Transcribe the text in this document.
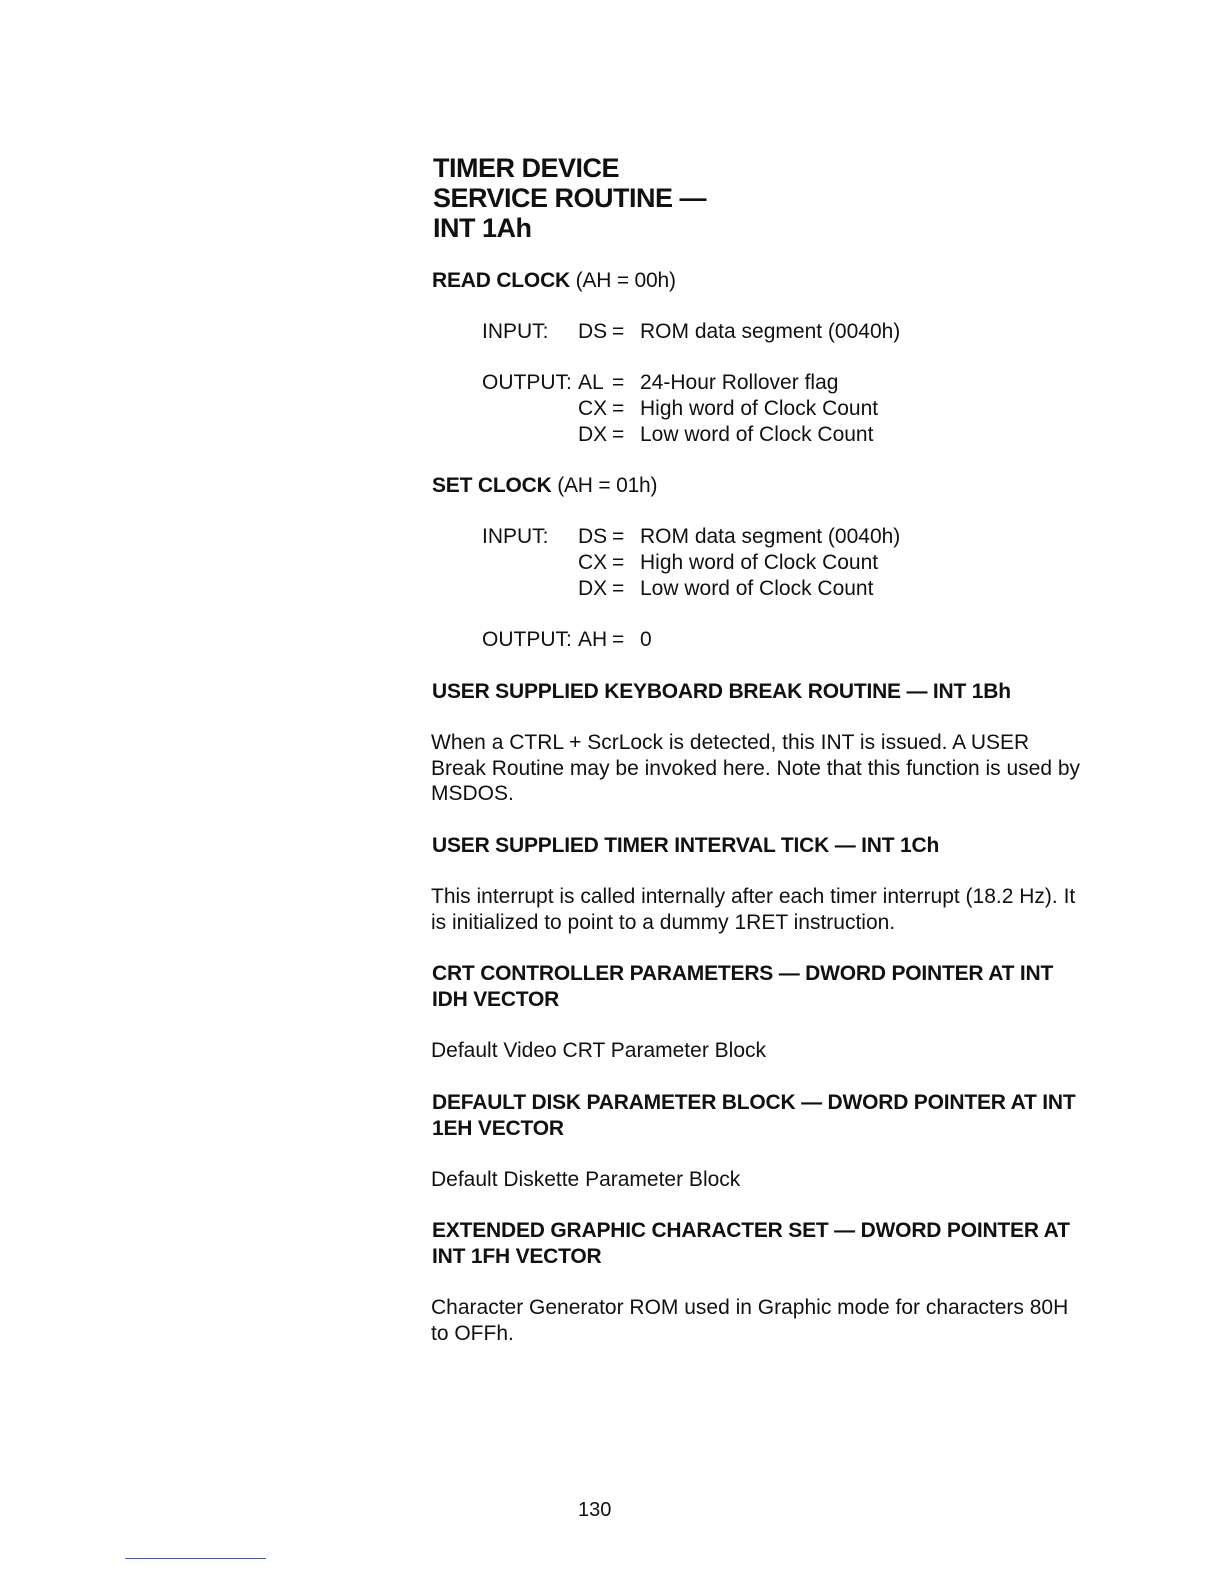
TIMER DEVICE
SERVICE ROUTINE —
INT 1Ah
READ CLOCK (AH = 00h)
INPUT: DS = ROM data segment (0040h)
OUTPUT: AL = 24-Hour Rollover flag
CX = High word of Clock Count
DX = Low word of Clock Count
SET CLOCK (AH = 01h)
INPUT: DS = ROM data segment (0040h)
CX = High word of Clock Count
DX = Low word of Clock Count
OUTPUT: AH = 0
USER SUPPLIED KEYBOARD BREAK ROUTINE — INT 1Bh
When a CTRL + ScrLock is detected, this INT is issued. A USER Break Routine may be invoked here. Note that this function is used by MSDOS.
USER SUPPLIED TIMER INTERVAL TICK — INT 1Ch
This interrupt is called internally after each timer interrupt (18.2 Hz). It is initialized to point to a dummy 1RET instruction.
CRT CONTROLLER PARAMETERS — DWORD POINTER AT INT IDH VECTOR
Default Video CRT Parameter Block
DEFAULT DISK PARAMETER BLOCK — DWORD POINTER AT INT 1EH VECTOR
Default Diskette Parameter Block
EXTENDED GRAPHIC CHARACTER SET — DWORD POINTER AT INT 1FH VECTOR
Character Generator ROM used in Graphic mode for characters 80H to OFFh.
130
